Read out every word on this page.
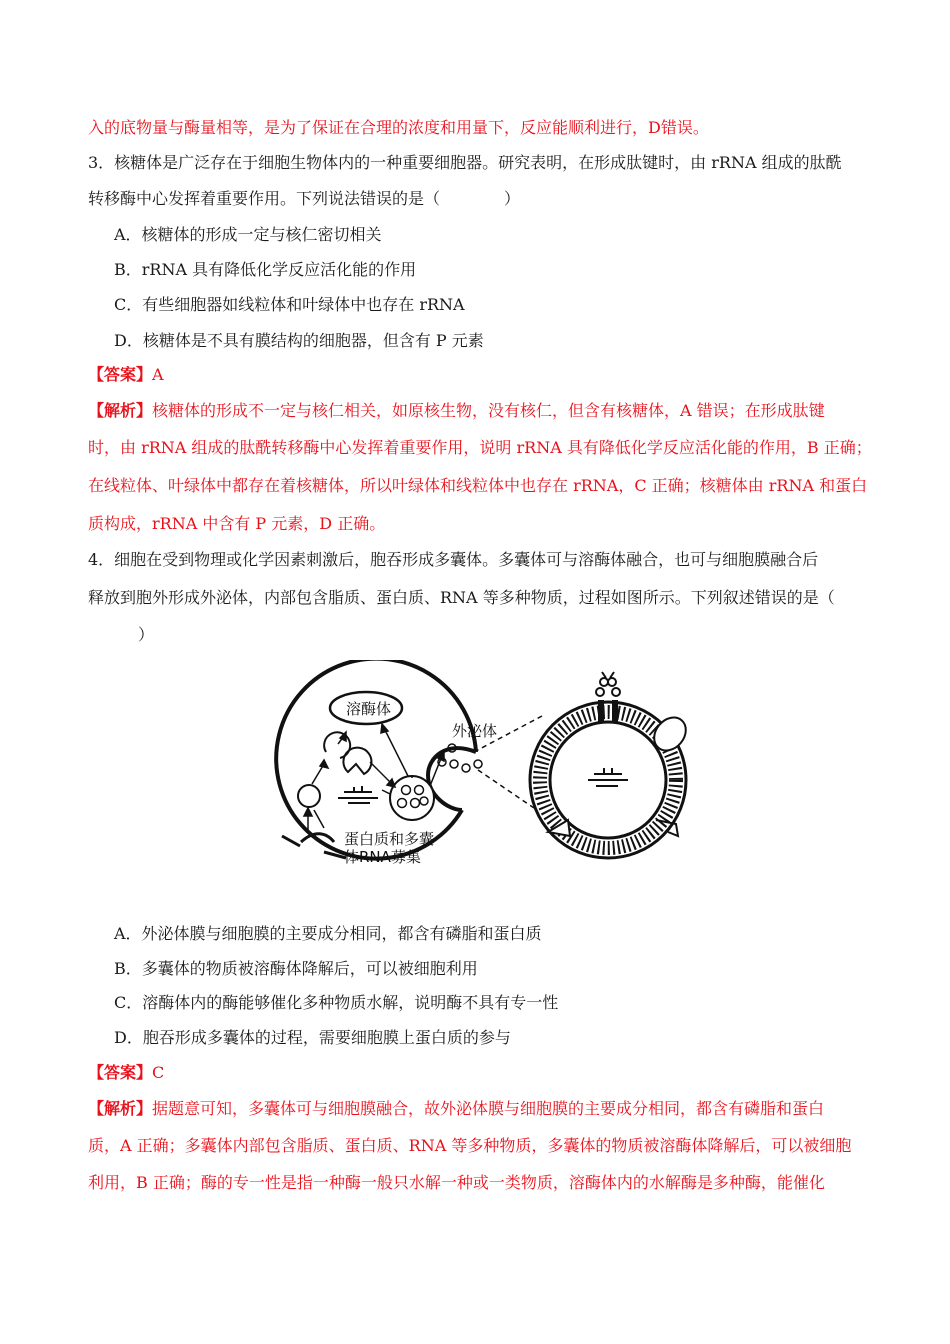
入的底物量与酶量相等，是为了保证在合理的浓度和用量下，反应能顺利进行，D错误。
3．核糖体是广泛存在于细胞生物体内的一种重要细胞器。研究表明，在形成肽键时，由 rRNA 组成的肽酰
转移酶中心发挥着重要作用。下列说法错误的是（　　　　）
A．核糖体的形成一定与核仁密切相关
B．rRNA 具有降低化学反应活化能的作用
C．有些细胞器如线粒体和叶绿体中也存在 rRNA
D．核糖体是不具有膜结构的细胞器，但含有 P 元素
【答案】A
【解析】核糖体的形成不一定与核仁相关，如原核生物，没有核仁，但含有核糖体，A 错误；在形成肽键
时，由 rRNA 组成的肽酰转移酶中心发挥着重要作用，说明 rRNA 具有降低化学反应活化能的作用，B 正确；
在线粒体、叶绿体中都存在着核糖体，所以叶绿体和线粒体中也存在 rRNA，C 正确；核糖体由 rRNA 和蛋白
质构成，rRNA 中含有 P 元素，D 正确。
4．细胞在受到物理或化学因素刺激后，胞吞形成多囊体。多囊体可与溶酶体融合，也可与细胞膜融合后
释放到胞外形成外泌体，内部包含脂质、蛋白质、RNA 等多种物质，过程如图所示。下列叙述错误的是（
）
溶酶体
外泌体
蛋白质和多囊
体RNA募集
A．外泌体膜与细胞膜的主要成分相同，都含有磷脂和蛋白质
B．多囊体的物质被溶酶体降解后，可以被细胞利用
C．溶酶体内的酶能够催化多种物质水解，说明酶不具有专一性
D．胞吞形成多囊体的过程，需要细胞膜上蛋白质的参与
【答案】C
【解析】据题意可知，多囊体可与细胞膜融合，故外泌体膜与细胞膜的主要成分相同，都含有磷脂和蛋白
质，A 正确；多囊体内部包含脂质、蛋白质、RNA 等多种物质，多囊体的物质被溶酶体降解后，可以被细胞
利用，B 正确；酶的专一性是指一种酶一般只水解一种或一类物质，溶酶体内的水解酶是多种酶，能催化
